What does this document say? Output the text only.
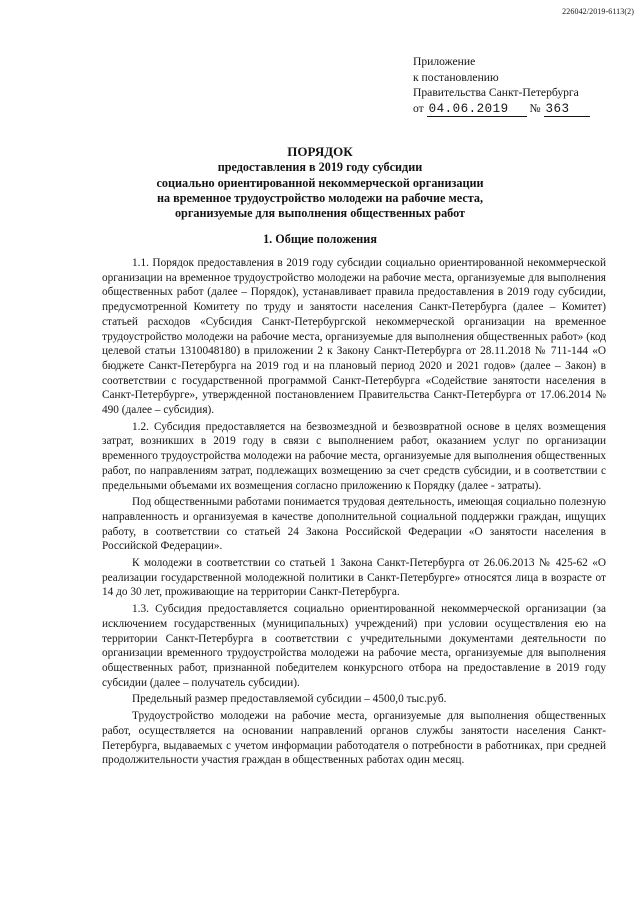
226042/2019-6113(2)
Приложение
к постановлению
Правительства Санкт-Петербурга
от 04.06.2019 № 363
ПОРЯДОК
предоставления в 2019 году субсидии
социально ориентированной некоммерческой организации
на временное трудоустройство молодежи на рабочие места,
организуемые для выполнения общественных работ
1. Общие положения

1.1. Порядок предоставления в 2019 году субсидии социально ориентированной некоммерческой организации на временное трудоустройство молодежи на рабочие места, организуемые для выполнения общественных работ (далее – Порядок), устанавливает правила предоставления в 2019 году субсидии, предусмотренной Комитету по труду и занятости населения Санкт-Петербурга (далее – Комитет) статьей расходов «Субсидия Санкт-Петербургской некоммерческой организации на временное трудоустройство молодежи на рабочие места, организуемые для выполнения общественных работ» (код целевой статьи 1310048180) в приложении 2 к Закону Санкт-Петербурга от 28.11.2018 № 711-144 «О бюджете Санкт-Петербурга на 2019 год и на плановый период 2020 и 2021 годов» (далее – Закон) в соответствии с государственной программой Санкт-Петербурга «Содействие занятости населения в Санкт-Петербурге», утвержденной постановлением Правительства Санкт-Петербурга от 17.06.2014 № 490 (далее – субсидия).

1.2. Субсидия предоставляется на безвозмездной и безвозвратной основе в целях возмещения затрат, возникших в 2019 году в связи с выполнением работ, оказанием услуг по организации временного трудоустройства молодежи на рабочие места, организуемые для выполнения общественных работ, по направлениям затрат, подлежащих возмещению за счет средств субсидии, и в соответствии с предельными объемами их возмещения согласно приложению к Порядку (далее - затраты).

Под общественными работами понимается трудовая деятельность, имеющая социально полезную направленность и организуемая в качестве дополнительной социальной поддержки граждан, ищущих работу, в соответствии со статьей 24 Закона Российской Федерации «О занятости населения в Российской Федерации».

К молодежи в соответствии со статьей 1 Закона Санкт-Петербурга от 26.06.2013 № 425-62 «О реализации государственной молодежной политики в Санкт-Петербурге» относятся лица в возрасте от 14 до 30 лет, проживающие на территории Санкт-Петербурга.

1.3. Субсидия предоставляется социально ориентированной некоммерческой организации (за исключением государственных (муниципальных) учреждений) при условии осуществления ею на территории Санкт-Петербурга в соответствии с учредительными документами деятельности по организации временного трудоустройства молодежи на рабочие места, организуемые для выполнения общественных работ, признанной победителем конкурсного отбора на предоставление в 2019 году субсидии (далее – получатель субсидии).

Предельный размер предоставляемой субсидии – 4500,0 тыс.руб.

Трудоустройство молодежи на рабочие места, организуемые для выполнения общественных работ, осуществляется на основании направлений органов службы занятости населения Санкт-Петербурга, выдаваемых с учетом информации работодателя о потребности в работниках, при средней продолжительности участия граждан в общественных работах один месяц.
